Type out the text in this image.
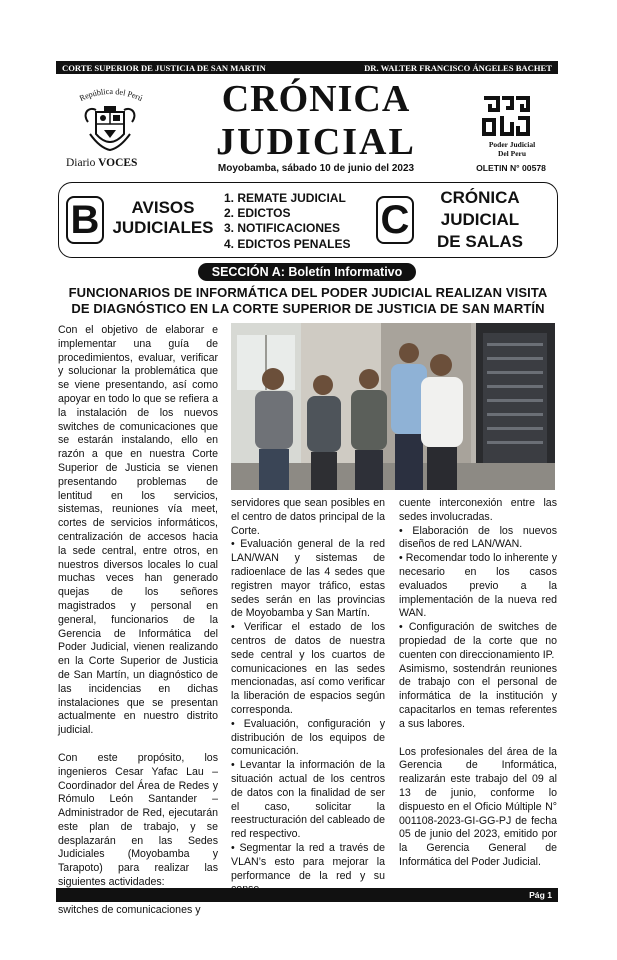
CORTE SUPERIOR DE JUSTICIA DE SAN MARTIN	DR. WALTER FRANCISCO ÁNGELES BACHET
República del Perú
Diario VOCES
CRÓNICA
JUDICIAL
Moyobamba, sábado 10 de junio del 2023
Poder Judicial
Del Peru
OLETIN N° 00578
B	AVISOS
JUDICIALES
1. REMATE JUDICIAL
2. EDICTOS
3. NOTIFICACIONES
4. EDICTOS PENALES
C
CRÓNICA
JUDICIAL
DE SALAS
SECCIÓN A: Boletín Informativo
FUNCIONARIOS DE INFORMÁTICA DEL PODER JUDICIAL REALIZAN VISITA
DE DIAGNÓSTICO EN LA CORTE SUPERIOR DE JUSTICIA DE SAN MARTÍN

Con el objetivo de elaborar e implementar una guía de procedimientos, evaluar, verificar y solucionar la problemática que se viene presentando, así como apoyar en todo lo que se refiera a la instalación de los nuevos switches de comunicaciones que se estarán instalando, ello en razón a que en nuestra Corte Superior de Justicia se vienen presentando problemas de lentitud en los servicios, sistemas, reuniones vía meet, cortes de servicios informáticos, centralización de accesos hacia la sede central, entre otros, en nuestros diversos locales lo cual muchas veces han generado quejas de los señores magistrados y personal en general, funcionarios de la Gerencia de Informática del Poder Judicial, vienen realizando en la Corte Superior de Justicia de San Martín, un diagnóstico de las incidencias en dichas instalaciones que se presentan actualmente en nuestro distrito judicial.

Con este propósito, los ingenieros Cesar Yafac Lau – Coordinador del Área de Redes y Rómulo León Santander – Administrador de Red, ejecutarán este plan de trabajo, y se desplazarán en las Sedes Judiciales (Moyobamba y Tarapoto) para realizar las siguientes actividades:

switches de comunicaciones y

servidores que sean posibles en el centro de datos principal de la Corte.

• Evaluación general de la red LAN/WAN y sistemas de radioenlace de las 4 sedes que registren mayor tráfico, estas sedes serán en las provincias de Moyobamba y San Martín.

• Verificar el estado de los centros de datos de nuestra sede central y los cuartos de comunicaciones en las sedes mencionadas, así como verificar la liberación de espacios según corresponda.

• Evaluación, configuración y distribución de los equipos de comunicación.

• Levantar la información de la situación actual de los centros de datos con la finalidad de ser el caso, solicitar la reestructuración del cableado de red respectivo.

• Segmentar la red a través de VLAN’s esto para mejorar la performance de la red y su

cuente interconexión entre las sedes involucradas.

• Elaboración de los nuevos diseños de red LAN/WAN.

• Recomendar todo lo inherente y necesario en los casos evaluados previo a la implementación de la nueva red WAN.

• Configuración de switches de propiedad de la corte que no cuenten con direccionamiento IP.

Asimismo, sostendrán reuniones de trabajo con el personal de informática de la institución y capacitarlos en temas referentes a sus labores.

Los profesionales del área de la Gerencia de Informática, realizarán este trabajo del 09 al 13 de junio, conforme lo dispuesto en el Oficio Múltiple N° 001108-2023-GI-GG-PJ de fecha 05 de junio del 2023, emitido por la Gerencia General de Informática del Poder Judicial.

Pág 1
